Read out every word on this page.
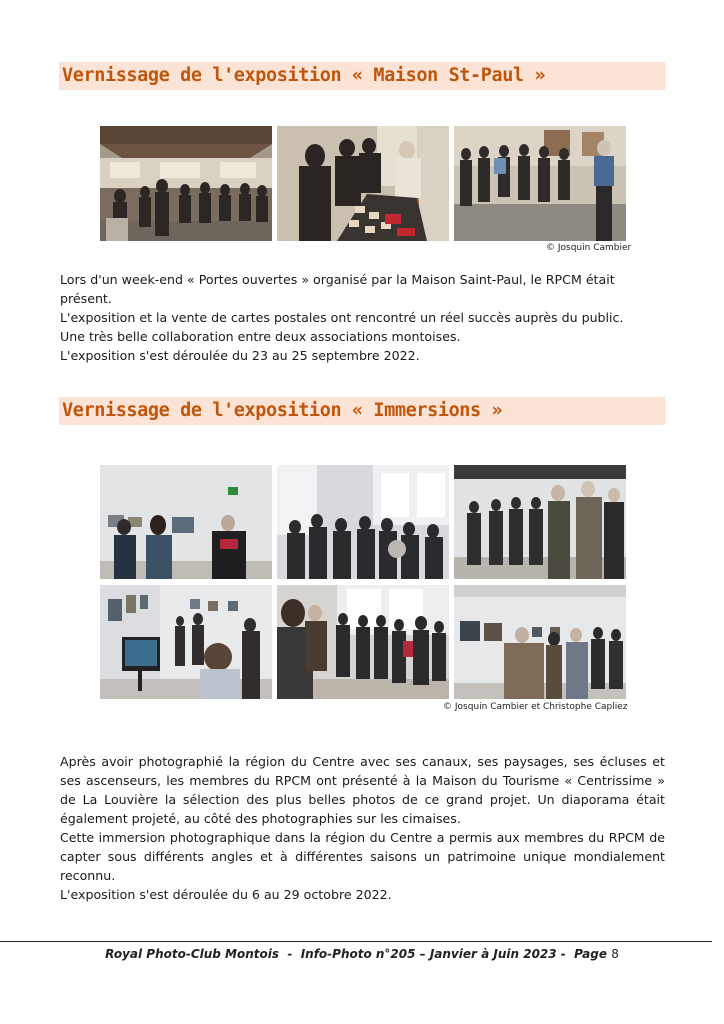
Vernissage de l'exposition « Maison St-Paul »
© Josquin Cambier

Lors d'un week-end « Portes ouvertes » organisé par la Maison Saint-Paul, le RPCM était présent.

L'exposition et la vente de cartes postales ont rencontré un réel succès auprès du public.

Une très belle collaboration entre deux associations montoises.

L'exposition s'est déroulée du 23 au 25 septembre 2022.

Vernissage de l'exposition « Immersions »
© Josquin Cambier et Christophe Capliez

Après avoir photographié la région du Centre avec ses canaux, ses paysages, ses écluses et ses ascenseurs, les membres du RPCM ont présenté à la Maison du Tourisme « Centrissime » de La Louvière la sélection des plus belles photos de ce grand projet. Un diaporama était également projeté, au côté des photographies sur les cimaises.

Cette immersion photographique dans la région du Centre a permis aux membres du RPCM de capter sous différents angles et à différentes saisons un patrimoine unique mondialement reconnu.

L'exposition s'est déroulée du 6 au 29 octobre 2022.

Royal Photo-Club Montois  -  Info-Photo n°205 – Janvier à Juin 2023 -  Page 8
